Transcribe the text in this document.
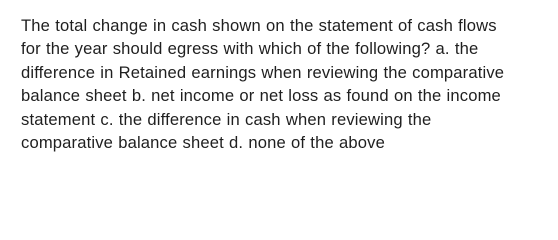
The total change in cash shown on the statement of cash flows
for the year should egress with which of the following? a. the
difference in Retained earnings when reviewing the comparative
balance sheet b. net income or net loss as found on the income
statement c. the difference in cash when reviewing the
comparative balance sheet d. none of the above
